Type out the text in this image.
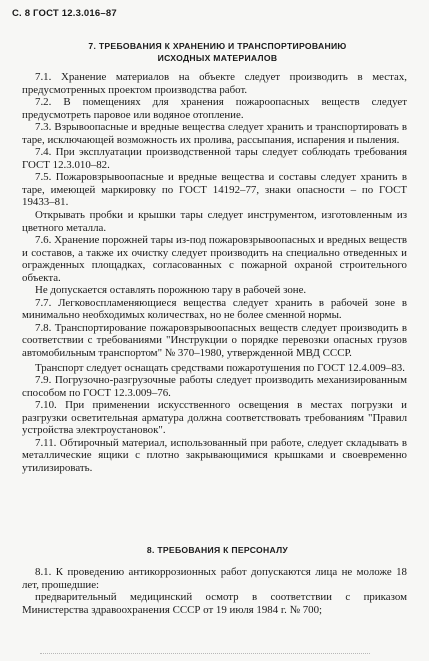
С. 8 ГОСТ 12.3.016–87
7. ТРЕБОВАНИЯ К ХРАНЕНИЮ И ТРАНСПОРТИРОВАНИЮ
ИСХОДНЫХ МАТЕРИАЛОВ

7.1. Хранение материалов на объекте следует производить в местах, предусмотренных проектом производства работ.

7.2. В помещениях для хранения пожароопасных веществ следует предусмотреть паровое или водяное отопление.

7.3. Взрывоопасные и вредные вещества следует хранить и транспортировать в таре, исключающей возможность их пролива, рассыпания, испарения и пыления.

7.4. При эксплуатации производственной тары следует соблюдать требования ГОСТ 12.3.010–82.

7.5. Пожаровзрывоопасные и вредные вещества и составы следует хранить в таре, имеющей маркировку по ГОСТ 14192–77, знаки опасности – по ГОСТ 19433–81.

Открывать пробки и крышки тары следует инструментом, изготовленным из цветного металла.

7.6. Хранение порожней тары из-под пожаровзрывоопасных и вредных веществ и составов, а также их очистку следует производить на специально отведенных и огражденных площадках, согласованных с пожарной охраной строительного объекта.

Не допускается оставлять порожнюю тару в рабочей зоне.

7.7. Легковоспламеняющиеся вещества следует хранить в рабочей зоне в минимально необходимых количествах, но не более сменной нормы.

7.8. Транспортирование пожаровзрывоопасных веществ следует производить в соответствии с требованиями "Инструкции о порядке перевозки опасных грузов автомобильным транспортом" № 370–1980, утвержденной МВД СССР.

Транспорт следует оснащать средствами пожаротушения по ГОСТ 12.4.009–83.

7.9. Погрузочно-разгрузочные работы следует производить механизированным способом по ГОСТ 12.3.009–76.

7.10. При применении искусственного освещения в местах погрузки и разгрузки осветительная арматура должна соответствовать требованиям "Правил устройства электроустановок".

7.11. Обтирочный материал, использованный при работе, следует складывать в металлические ящики с плотно закрывающимися крышками и своевременно утилизировать.

8. ТРЕБОВАНИЯ К ПЕРСОНАЛУ

8.1. К проведению антикоррозионных работ допускаются лица не моложе 18 лет, прошедшие:

предварительный медицинский осмотр в соответствии с приказом Министерства здравоохранения СССР от 19 июля 1984 г. № 700;
